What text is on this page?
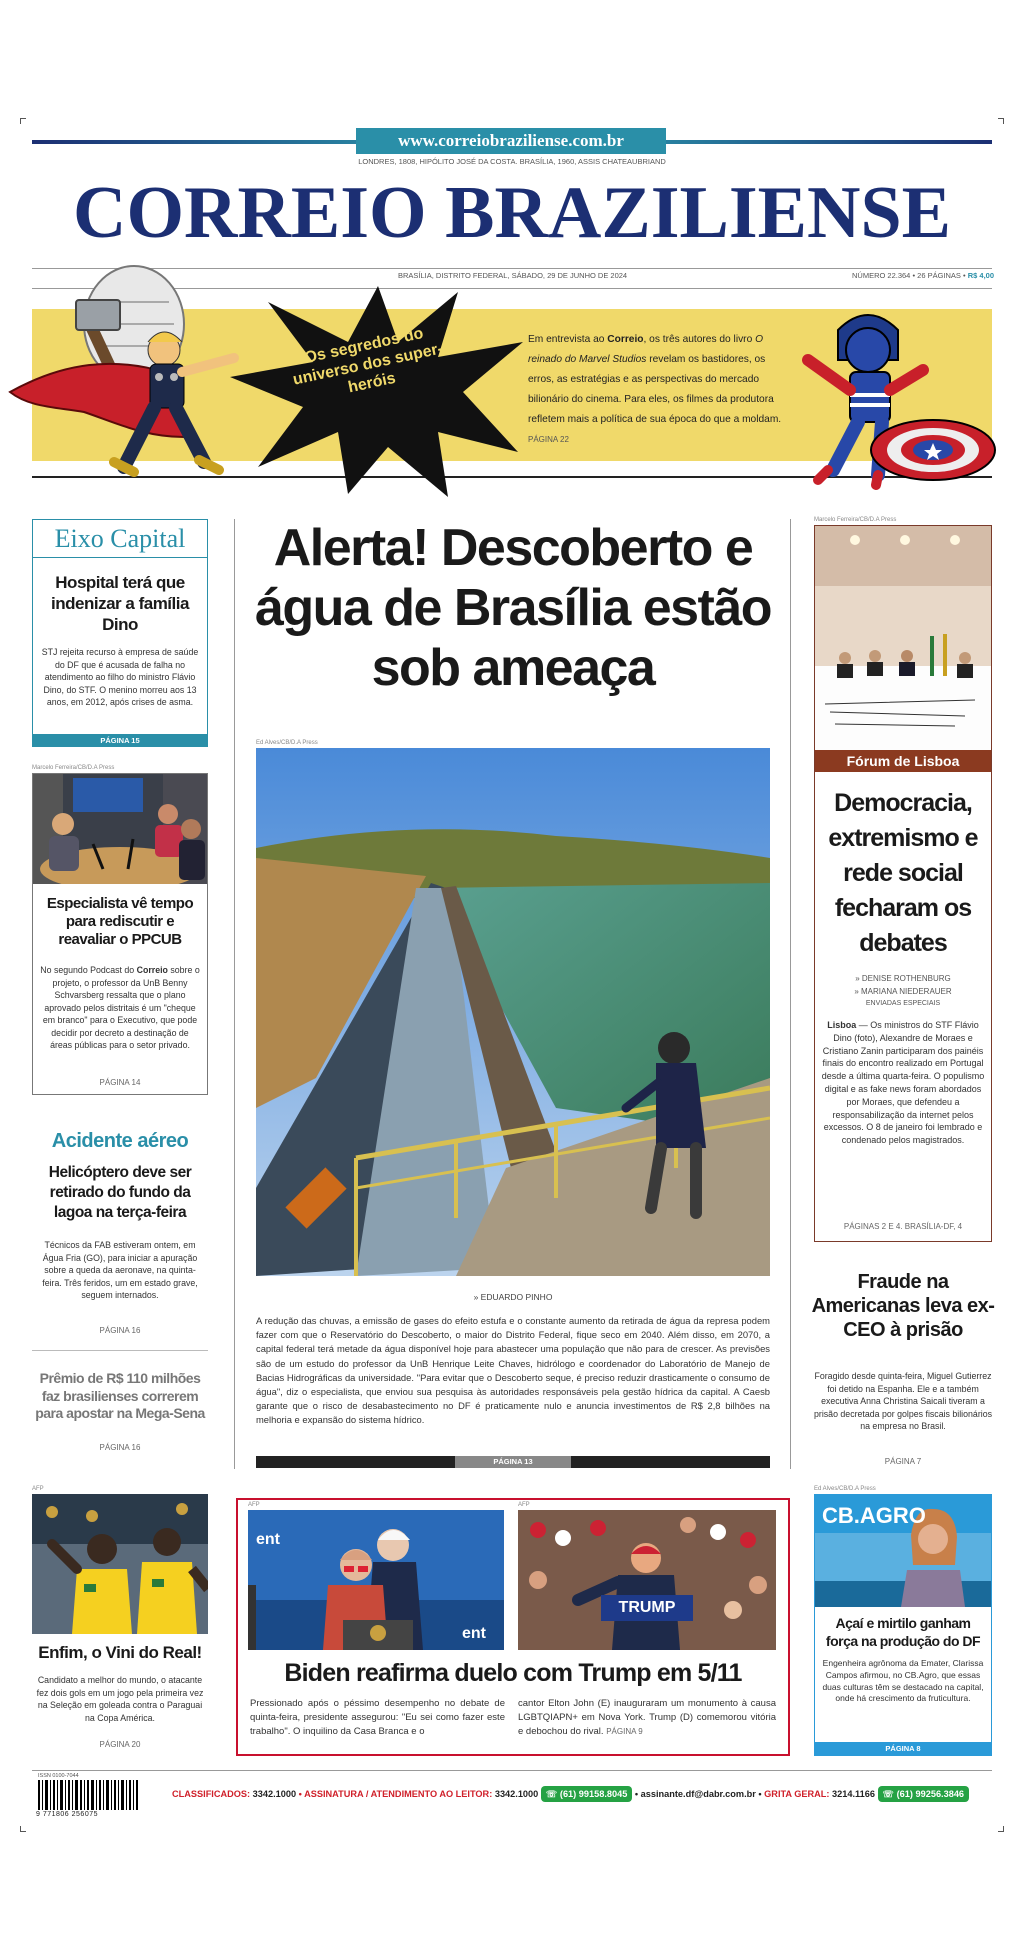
www.correiobraziliense.com.br
LONDRES, 1808, HIPÓLITO JOSÉ DA COSTA. BRASÍLIA, 1960, ASSIS CHATEAUBRIAND
CORREIO BRAZILIENSE
BRASÍLIA, DISTRITO FEDERAL, SÁBADO, 29 DE JUNHO DE 2024	NÚMERO 22.364 • 26 PÁGINAS • R$ 4,00
Os segredos do universo dos super-heróis
Em entrevista ao Correio, os três autores do livro O reinado do Marvel Studios revelam os bastidores, os erros, as estratégias e as perspectivas do mercado bilionário do cinema. Para eles, os filmes da produtora refletem mais a política de sua época do que a moldam. PÁGINA 22
Eixo Capital
Hospital terá que indenizar a família Dino
STJ rejeita recurso à empresa de saúde do DF que é acusada de falha no atendimento ao filho do ministro Flávio Dino, do STF. O menino morreu aos 13 anos, em 2012, após crises de asma.
PÁGINA 15
Marcelo Ferreira/CB/D.A Press
Especialista vê tempo para rediscutir e reavaliar o PPCUB
No segundo Podcast do Correio sobre o projeto, o professor da UnB Benny Schvarsberg ressalta que o plano aprovado pelos distritais é um "cheque em branco" para o Executivo, que pode decidir por decreto a destinação de áreas públicas para o setor privado.
PÁGINA 14
Acidente aéreo
Helicóptero deve ser retirado do fundo da lagoa na terça-feira
Técnicos da FAB estiveram ontem, em Água Fria (GO), para iniciar a apuração sobre a queda da aeronave, na quinta-feira. Três feridos, um em estado grave, seguem internados.
PÁGINA 16
Prêmio de R$ 110 milhões faz brasilienses correrem para apostar na Mega-Sena
PÁGINA 16
Alerta! Descoberto e água de Brasília estão sob ameaça
Ed Alves/CB/D.A Press
» EDUARDO PINHO
A redução das chuvas, a emissão de gases do efeito estufa e o constante aumento da retirada de água da represa podem fazer com que o Reservatório do Descoberto, o maior do Distrito Federal, fique seco em 2040. Além disso, em 2070, a capital federal terá metade da água disponível hoje para abastecer uma população que não para de crescer. As previsões são de um estudo do professor da UnB Henrique Leite Chaves, hidrólogo e coordenador do Laboratório de Manejo de Bacias Hidrográficas da universidade. "Para evitar que o Descoberto seque, é preciso reduzir drasticamente o consumo de água", diz o especialista, que enviou sua pesquisa às autoridades responsáveis pela gestão hídrica da capital. A Caesb garante que o risco de desabastecimento no DF é praticamente nulo e anuncia investimentos de R$ 2,8 bilhões na melhoria e expansão do sistema hídrico.
PÁGINA 13
Marcelo Ferreira/CB/D.A Press
Fórum de Lisboa
Democracia, extremismo e rede social fecharam os debates
» DENISE ROTHENBURG
» MARIANA NIEDERAUER
ENVIADAS ESPECIAIS
Lisboa — Os ministros do STF Flávio Dino (foto), Alexandre de Moraes e Cristiano Zanin participaram dos painéis finais do encontro realizado em Portugal desde a última quarta-feira. O populismo digital e as fake news foram abordados por Moraes, que defendeu a responsabilização da internet pelos excessos. O 8 de janeiro foi lembrado e condenado pelos magistrados.
PÁGINAS 2 E 4. BRASÍLIA-DF, 4
Fraude na Americanas leva ex-CEO à prisão
Foragido desde quinta-feira, Miguel Gutierrez foi detido na Espanha. Ele e a também executiva Anna Christina Saicali tiveram a prisão decretada por golpes fiscais bilionários na empresa no Brasil.
PÁGINA 7
AFP
Enfim, o Vini do Real!
Candidato a melhor do mundo, o atacante fez dois gols em um jogo pela primeira vez na Seleção em goleada contra o Paraguai na Copa América.
PÁGINA 20
AFP
ent
ent
AFP
TRUMP
Biden reafirma duelo com Trump em 5/11
Pressionado após o péssimo desempenho no debate de quinta-feira, presidente assegurou: "Eu sei como fazer este trabalho". O inquilino da Casa Branca e o
cantor Elton John (E) inauguraram um monumento à causa LGBTQIAPN+ em Nova York. Trump (D) comemorou vitória e debochou do rival. PÁGINA 9
Ed Alves/CB/D.A Press
CB.AGRO
Açaí e mirtilo ganham força na produção do DF
Engenheira agrônoma da Emater, Clarissa Campos afirmou, no CB.Agro, que essas duas culturas têm se destacado na capital, onde há crescimento da fruticultura.
PÁGINA 8
ISSN 0100-7044
9 771806 256075
CLASSIFICADOS: 3342.1000 • ASSINATURA / ATENDIMENTO AO LEITOR: 3342.1000 ☏ (61) 99158.8045 • assinante.df@dabr.com.br • GRITA GERAL: 3214.1166 ☏ (61) 99256.3846
